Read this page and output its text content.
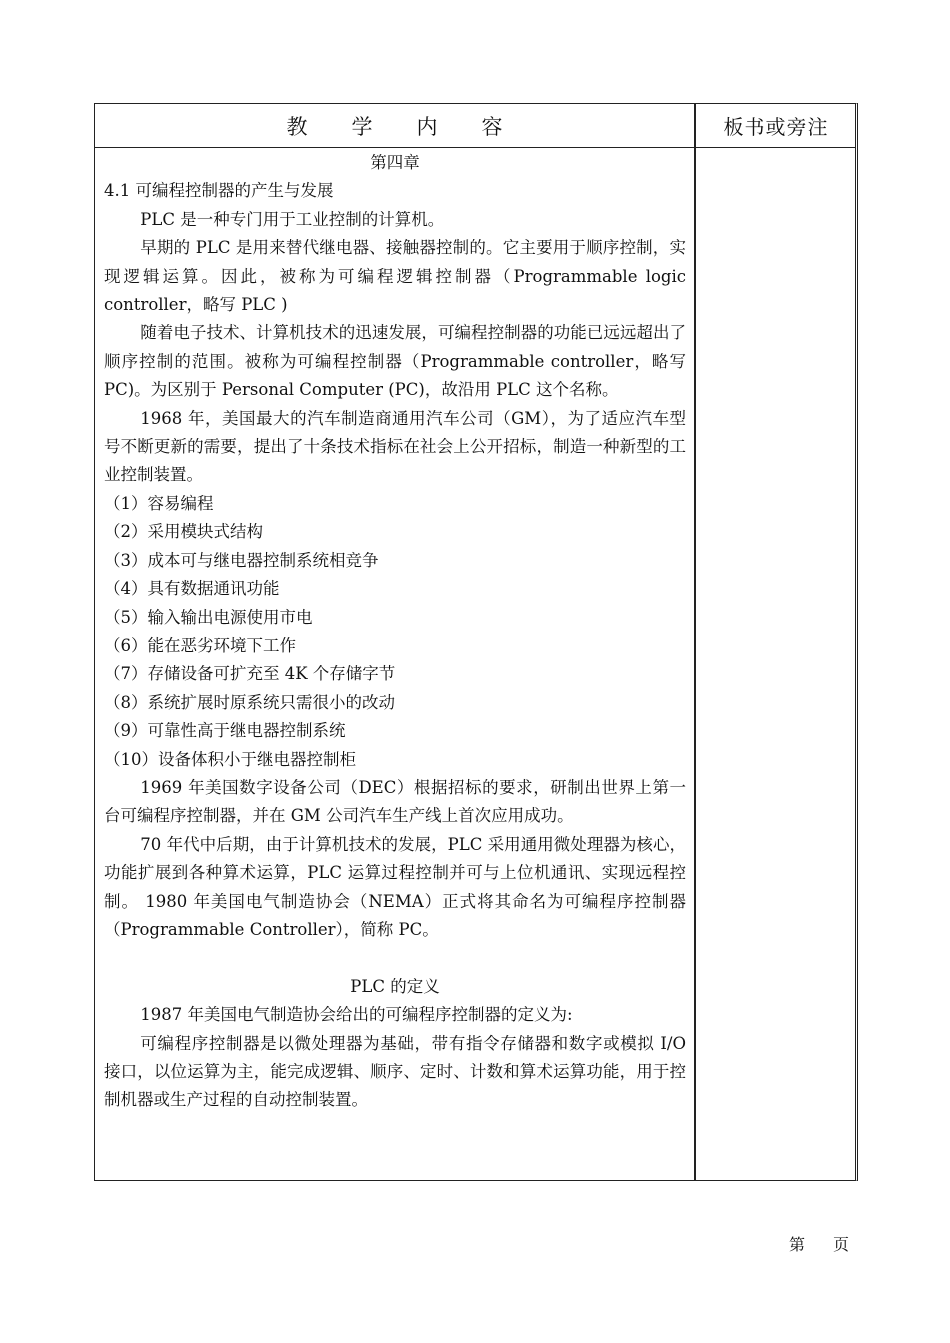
教学内容	板书或旁注

第四章

4.1 可编程控制器的产生与发展

PLC 是一种专门用于工业控制的计算机。

早期的 PLC 是用来替代继电器、接触器控制的。它主要用于顺序控制，实现逻辑运算。因此，被称为可编程逻辑控制器（Programmable logic controller，略写 PLC )

随着电子技术、计算机技术的迅速发展，可编程控制器的功能已远远超出了顺序控制的范围。被称为可编程控制器（Programmable controller，略写 PC)。为区别于 Personal Computer (PC)，故沿用 PLC 这个名称。

1968 年，美国最大的汽车制造商通用汽车公司（GM），为了适应汽车型号不断更新的需要，提出了十条技术指标在社会上公开招标，制造一种新型的工业控制装置。

（1）容易编程

（2）采用模块式结构

（3）成本可与继电器控制系统相竞争

（4）具有数据通讯功能

（5）输入输出电源使用市电

（6）能在恶劣环境下工作

（7）存储设备可扩充至 4K 个存储字节

（8）系统扩展时原系统只需很小的改动

（9）可靠性高于继电器控制系统

（10）设备体积小于继电器控制柜

1969 年美国数字设备公司（DEC）根据招标的要求，研制出世界上第一台可编程序控制器，并在 GM 公司汽车生产线上首次应用成功。

70 年代中后期，由于计算机技术的发展，PLC 采用通用微处理器为核心，功能扩展到各种算术运算，PLC 运算过程控制并可与上位机通讯、实现远程控制。 1980 年美国电气制造协会（NEMA）正式将其命名为可编程序控制器（Programmable Controller），简称 PC。

PLC 的定义

1987 年美国电气制造协会给出的可编程序控制器的定义为:

可编程序控制器是以微处理器为基础，带有指令存储器和数字或模拟 I/O 接口，以位运算为主，能完成逻辑、顺序、定时、计数和算术运算功能，用于控制机器或生产过程的自动控制装置。

第 页
